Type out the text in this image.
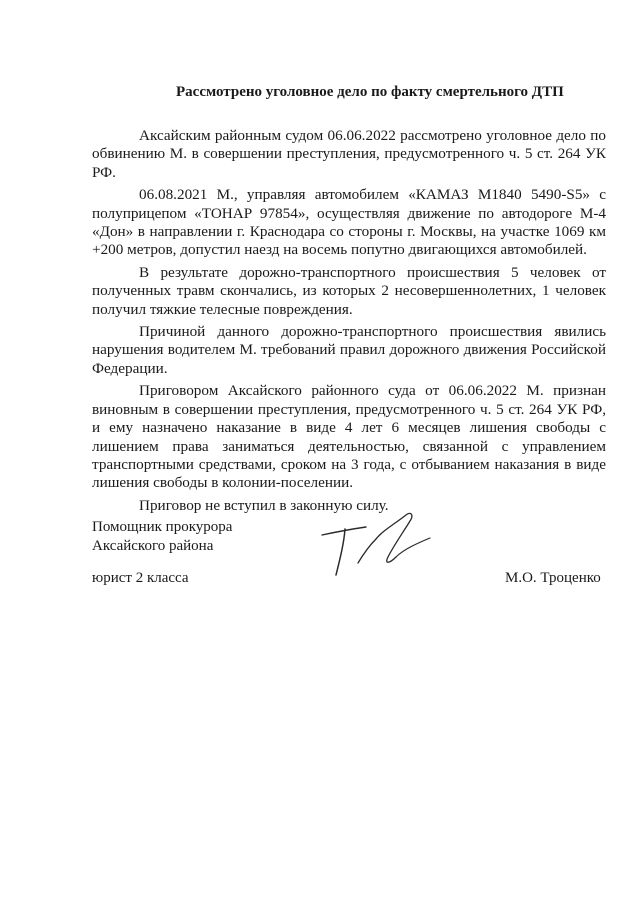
Рассмотрено уголовное дело по факту смертельного ДТП

Аксайским районным судом 06.06.2022 рассмотрено уголовное дело по обвинению М. в совершении преступления, предусмотренного ч. 5 ст. 264 УК РФ.

06.08.2021 М., управляя автомобилем «КАМАЗ М1840 5490-S5» с полуприцепом «ТОНАР 97854», осуществляя движение по автодороге М-4 «Дон» в направлении г. Краснодара со стороны г. Москвы, на участке 1069 км +200 метров, допустил наезд на восемь попутно двигающихся автомобилей.

В результате дорожно-транспортного происшествия 5 человек от полученных травм скончались, из которых 2 несовершеннолетних, 1 человек получил тяжкие телесные повреждения.

Причиной данного дорожно-транспортного происшествия явились нарушения водителем М. требований правил дорожного движения Российской Федерации.

Приговором Аксайского районного суда от 06.06.2022 М. признан виновным в совершении преступления, предусмотренного ч. 5 ст. 264 УК РФ, и ему назначено наказание в виде 4 лет 6 месяцев лишения свободы с лишением права заниматься деятельностью, связанной с управлением транспортными средствами, сроком на 3 года, с отбыванием наказания в виде лишения свободы в колонии-поселении.

Приговор не вступил в законную силу.

Помощник прокурора
Аксайского района
юрист 2 класса	М.О. Троценко
